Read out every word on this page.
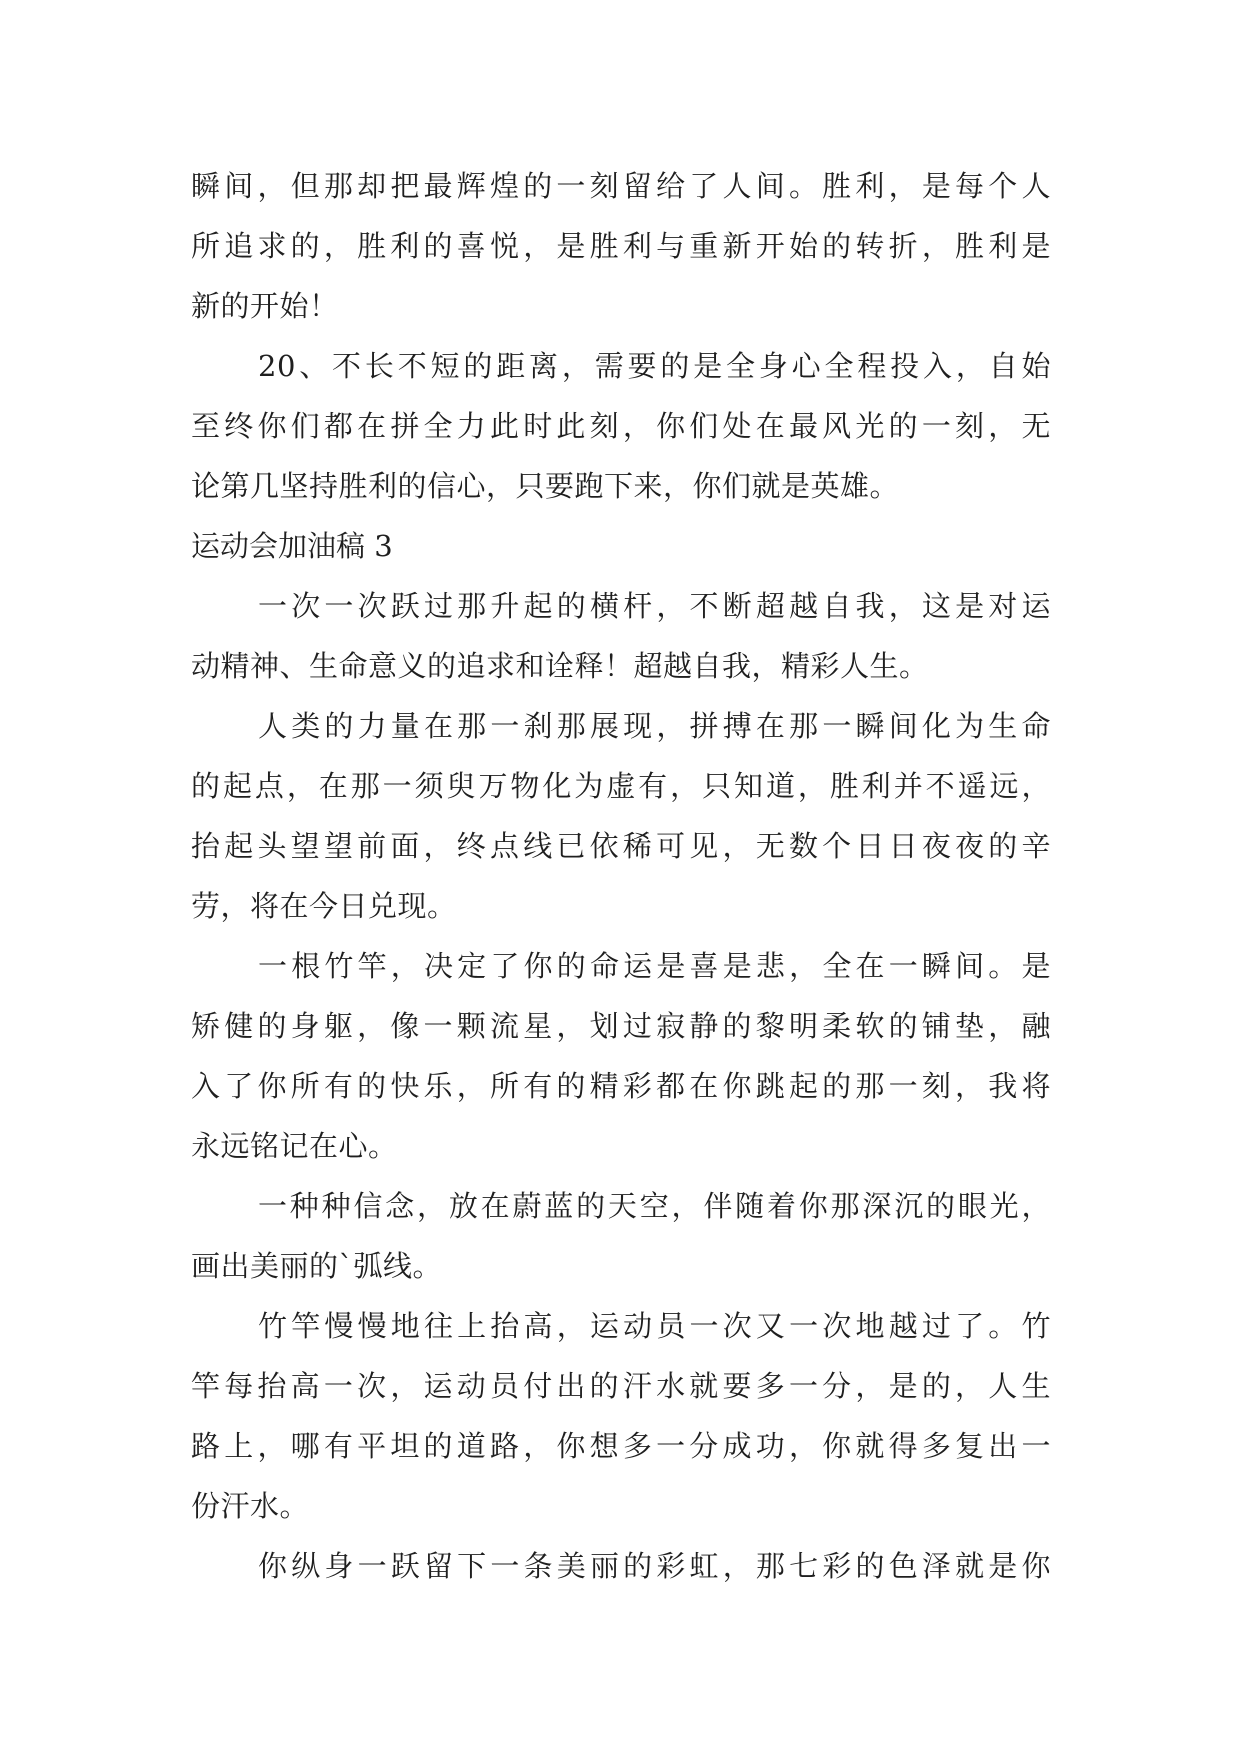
瞬间，但那却把最辉煌的一刻留给了人间。胜利，是每个人
所追求的，胜利的喜悦，是胜利与重新开始的转折，胜利是
新的开始！
20、不长不短的距离，需要的是全身心全程投入，自始
至终你们都在拼全力此时此刻，你们处在最风光的一刻，无
论第几坚持胜利的信心，只要跑下来，你们就是英雄。
运动会加油稿 3
一次一次跃过那升起的横杆，不断超越自我，这是对运
动精神、生命意义的追求和诠释！超越自我，精彩人生。
人类的力量在那一刹那展现，拼搏在那一瞬间化为生命
的起点，在那一须臾万物化为虚有，只知道，胜利并不遥远，
抬起头望望前面，终点线已依稀可见，无数个日日夜夜的辛
劳，将在今日兑现。
一根竹竿，决定了你的命运是喜是悲，全在一瞬间。是
矫健的身躯，像一颗流星，划过寂静的黎明柔软的铺垫，融
入了你所有的快乐，所有的精彩都在你跳起的那一刻，我将
永远铭记在心。
一种种信念，放在蔚蓝的天空，伴随着你那深沉的眼光，
画出美丽的`弧线。
竹竿慢慢地往上抬高，运动员一次又一次地越过了。竹
竿每抬高一次，运动员付出的汗水就要多一分，是的，人生
路上，哪有平坦的道路，你想多一分成功，你就得多复出一
份汗水。
你纵身一跃留下一条美丽的彩虹，那七彩的色泽就是你
